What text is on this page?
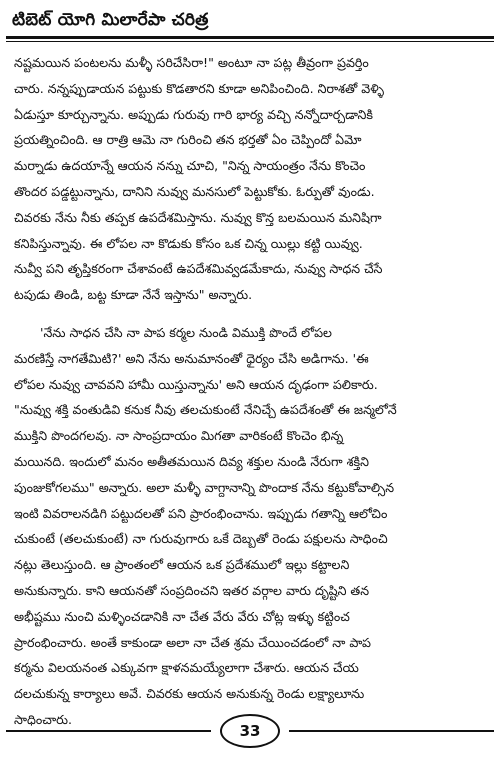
టిబెట్ యోగి మిలారేపా చరిత్ర
నష్టమయిన పంటలను మళ్ళీ సరిచేసిరా!" అంటూ నా పట్ల తీవ్రంగా ప్రవర్తిం
చారు. నన్నప్పుడాయన పట్టుకు కొడతారని కూడా అనిపించింది. నిరాశతో వెళ్ళి
ఏడుస్తూ కూర్చున్నాను. అప్పుడు గురువు గారి భార్య వచ్చి నన్నోదార్చడానికి
ప్రయత్నించింది. ఆ రాత్రి ఆమె నా గురించి తన భర్తతో ఏం చెప్పిందో ఏమో
మర్నాడు ఉదయాన్నే ఆయన నన్ను చూచి, "నిన్న సాయంత్రం నేను కొంచెం
తొందర పడ్డట్టున్నాను, దానిని నువ్వు మనసులో పెట్టుకోకు. ఓర్పుతో వుండు.
చివరకు నేను నీకు తప్పక ఉపదేశమిస్తాను. నువ్వు కొన్త బలమయిన మనిషిగా
కనిపిస్తున్నావు. ఈ లోపల నా కొడుకు కోసం ఒక చిన్న యిల్లు కట్టి యివ్వు.
నువ్వీ పని తృప్తికరంగా చేశావంటే ఉపదేశమివ్వడమేకాదు, నువ్వు సాధన చేసే
టపుడు తిండి, బట్ట కూడా నేనే ఇస్తాను" అన్నారు.
'నేను సాధన చేసి నా పాప కర్మల నుండి విముక్తి పొందే లోపల
మరణిస్తే నాగతేమిటి?' అని నేను అనుమానంతో ధైర్యం చేసి అడిగాను. 'ఈ
లోపల నువ్వు చావవని హామీ యిస్తున్నాను' అని ఆయన దృఢంగా పలికారు.
"నువ్వు శక్తి వంతుడివి కనుక నీవు తలచుకుంటే నేనిచ్చే ఉపదేశంతో ఈ జన్మలోనే
ముక్తిని పొందగలవు. నా సాంప్రదాయం మిగతా వారికంటే కొంచెం భిన్న
మయినది. ఇందులో మనం అతీతమయిన దివ్య శక్తుల నుండి నేరుగా శక్తిని
పుంజుకోగలము" అన్నారు. అలా మళ్ళీ వాగ్దానాన్ని పొందాక నేను కట్టుకోవాల్సిన
ఇంటి వివరాలనడిగి పట్టుదలతో పని ప్రారంభించాను. ఇప్పుడు గతాన్ని ఆలోచిం
చుకుంటే (తలచుకుంటే) నా గురువుగారు ఒకే దెబ్బతో రెండు పక్షులను సాధించి
నట్లు తెలుస్తుంది. ఆ ప్రాంతంలో ఆయన ఒక ప్రదేశములో ఇల్లు కట్టాలని
అనుకున్నారు. కాని ఆయనతో సంప్రదించని ఇతర వర్గాల వారు దృష్టిని తన
అభీష్టము నుంచి మళ్ళించడానికి నా చేత వేరు వేరు చోట్ల ఇళ్ళు కట్టించ
ప్రారంభించారు. అంతే కాకుండా అలా నా చేత శ్రమ చేయించడంలో నా పాప
కర్మను విలయనంత ఎక్కువగా క్షాళనమయ్యేలాగా చేశారు. ఆయన చేయ
దలచుకున్న కార్యాలు అవే. చివరకు ఆయన అనుకున్న రెండు లక్ష్యాలూను
సాధించారు.
33
